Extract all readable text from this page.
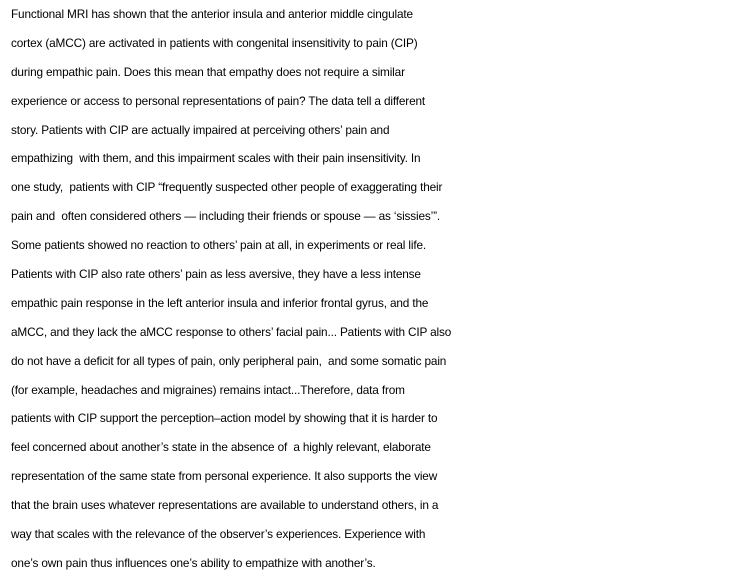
Functional MRI has shown that the anterior insula and anterior middle cingulate
cortex (aMCC) are activated in patients with congenital insensitivity to pain (CIP)
during empathic pain. Does this mean that empathy does not require a similar
experience or access to personal representations of pain? The data tell a different
story. Patients with CIP are actually impaired at perceiving others’ pain and
empathizing  with them, and this impairment scales with their pain insensitivity. In
one study,  patients with CIP “frequently suspected other people of exaggerating their
pain and  often considered others — including their friends or spouse — as ‘sissies’”.
Some patients showed no reaction to others’ pain at all, in experiments or real life.
Patients with CIP also rate others’ pain as less aversive, they have a less intense
empathic pain response in the left anterior insula and inferior frontal gyrus, and the
aMCC, and they lack the aMCC response to others’ facial pain... Patients with CIP also
do not have a deficit for all types of pain, only peripheral pain,  and some somatic pain
(for example, headaches and migraines) remains intact...Therefore, data from
patients with CIP support the perception–action model by showing that it is harder to
feel concerned about another’s state in the absence of  a highly relevant, elaborate
representation of the same state from personal experience. It also supports the view
that the brain uses whatever representations are available to understand others, in a
way that scales with the relevance of the observer’s experiences. Experience with
one’s own pain thus influences one’s ability to empathize with another’s.
